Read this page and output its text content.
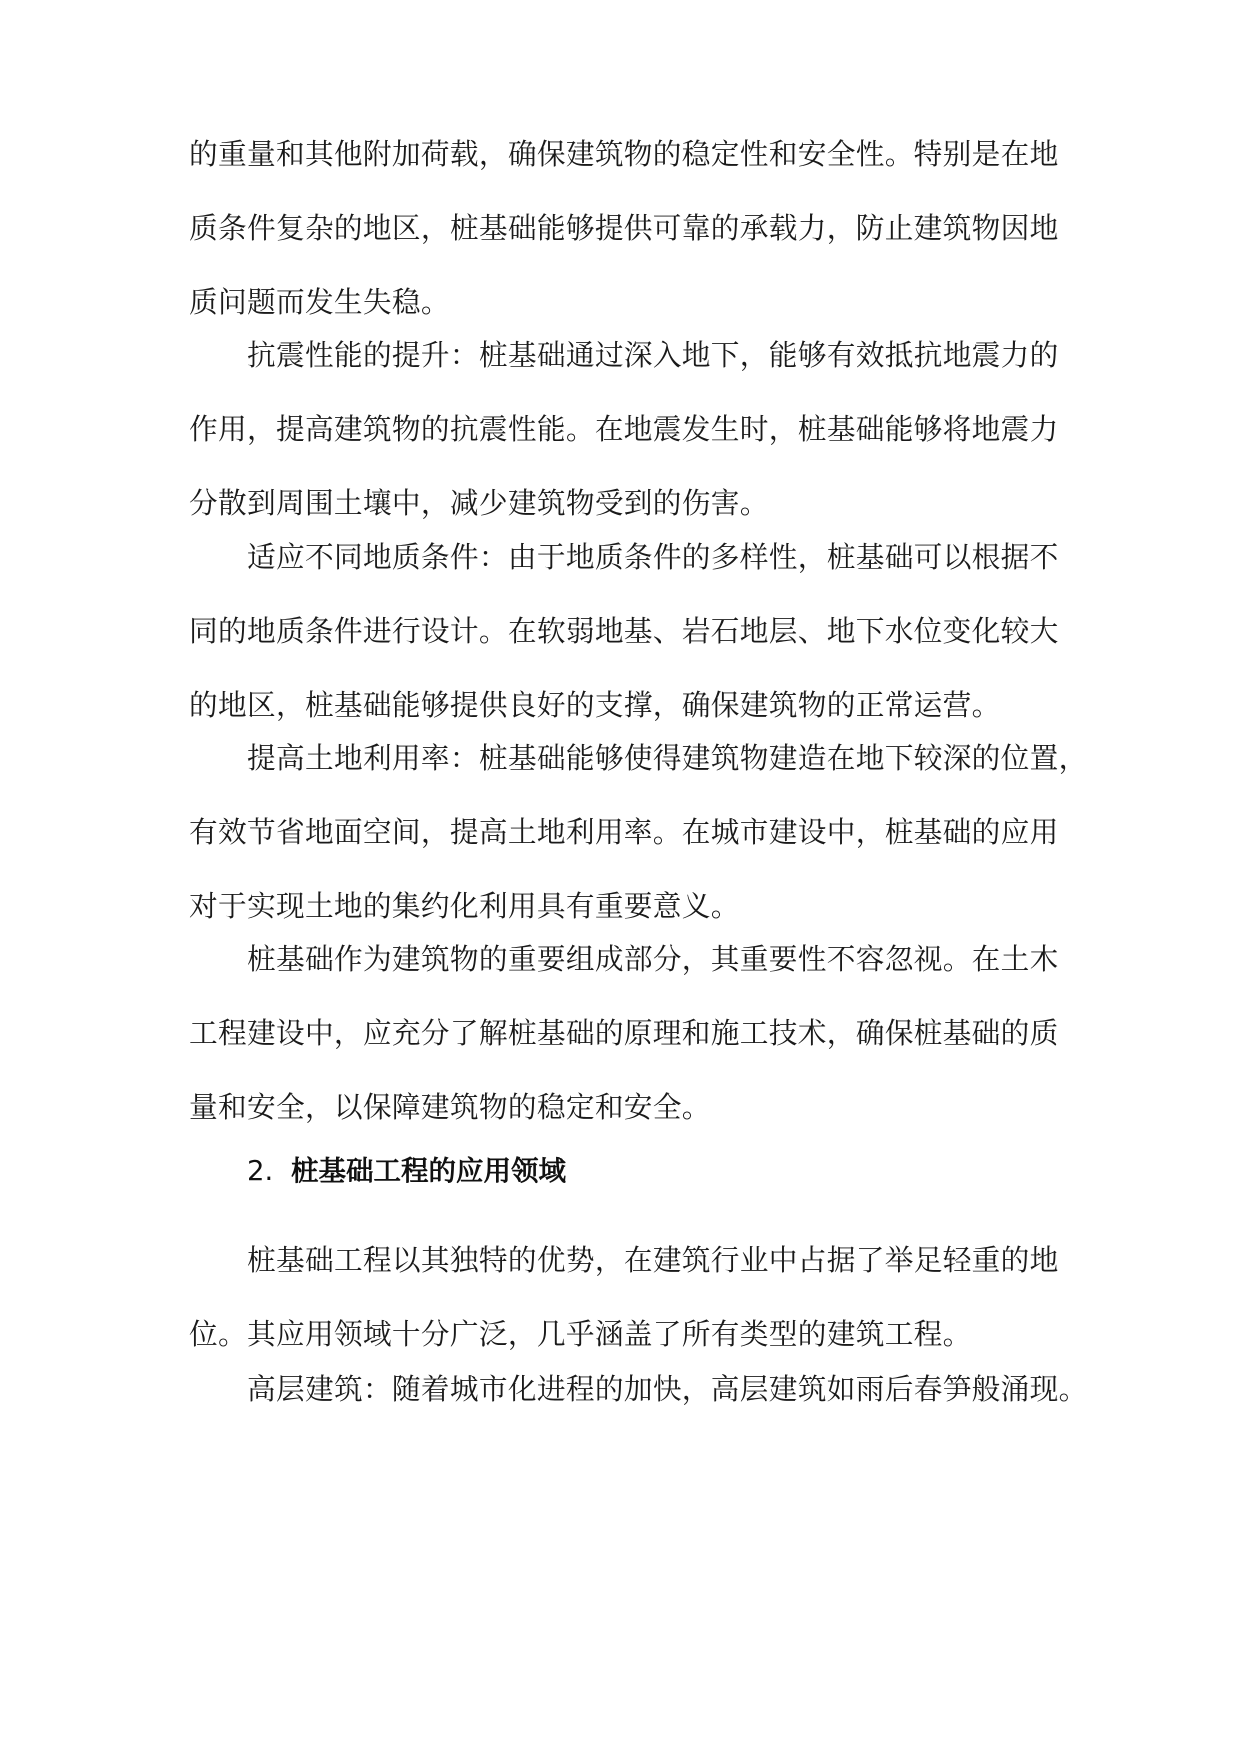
的重量和其他附加荷载，确保建筑物的稳定性和安全性。特别是在地
质条件复杂的地区，桩基础能够提供可靠的承载力，防止建筑物因地
质问题而发生失稳。
抗震性能的提升：桩基础通过深入地下，能够有效抵抗地震力的
作用，提高建筑物的抗震性能。在地震发生时，桩基础能够将地震力
分散到周围土壤中，减少建筑物受到的伤害。
适应不同地质条件：由于地质条件的多样性，桩基础可以根据不
同的地质条件进行设计。在软弱地基、岩石地层、地下水位变化较大
的地区，桩基础能够提供良好的支撑，确保建筑物的正常运营。
提高土地利用率：桩基础能够使得建筑物建造在地下较深的位置，
有效节省地面空间，提高土地利用率。在城市建设中，桩基础的应用
对于实现土地的集约化利用具有重要意义。
桩基础作为建筑物的重要组成部分，其重要性不容忽视。在土木
工程建设中，应充分了解桩基础的原理和施工技术，确保桩基础的质
量和安全，以保障建筑物的稳定和安全。
2. 桩基础工程的应用领域
桩基础工程以其独特的优势，在建筑行业中占据了举足轻重的地
位。其应用领域十分广泛，几乎涵盖了所有类型的建筑工程。
高层建筑：随着城市化进程的加快，高层建筑如雨后春笋般涌现。
